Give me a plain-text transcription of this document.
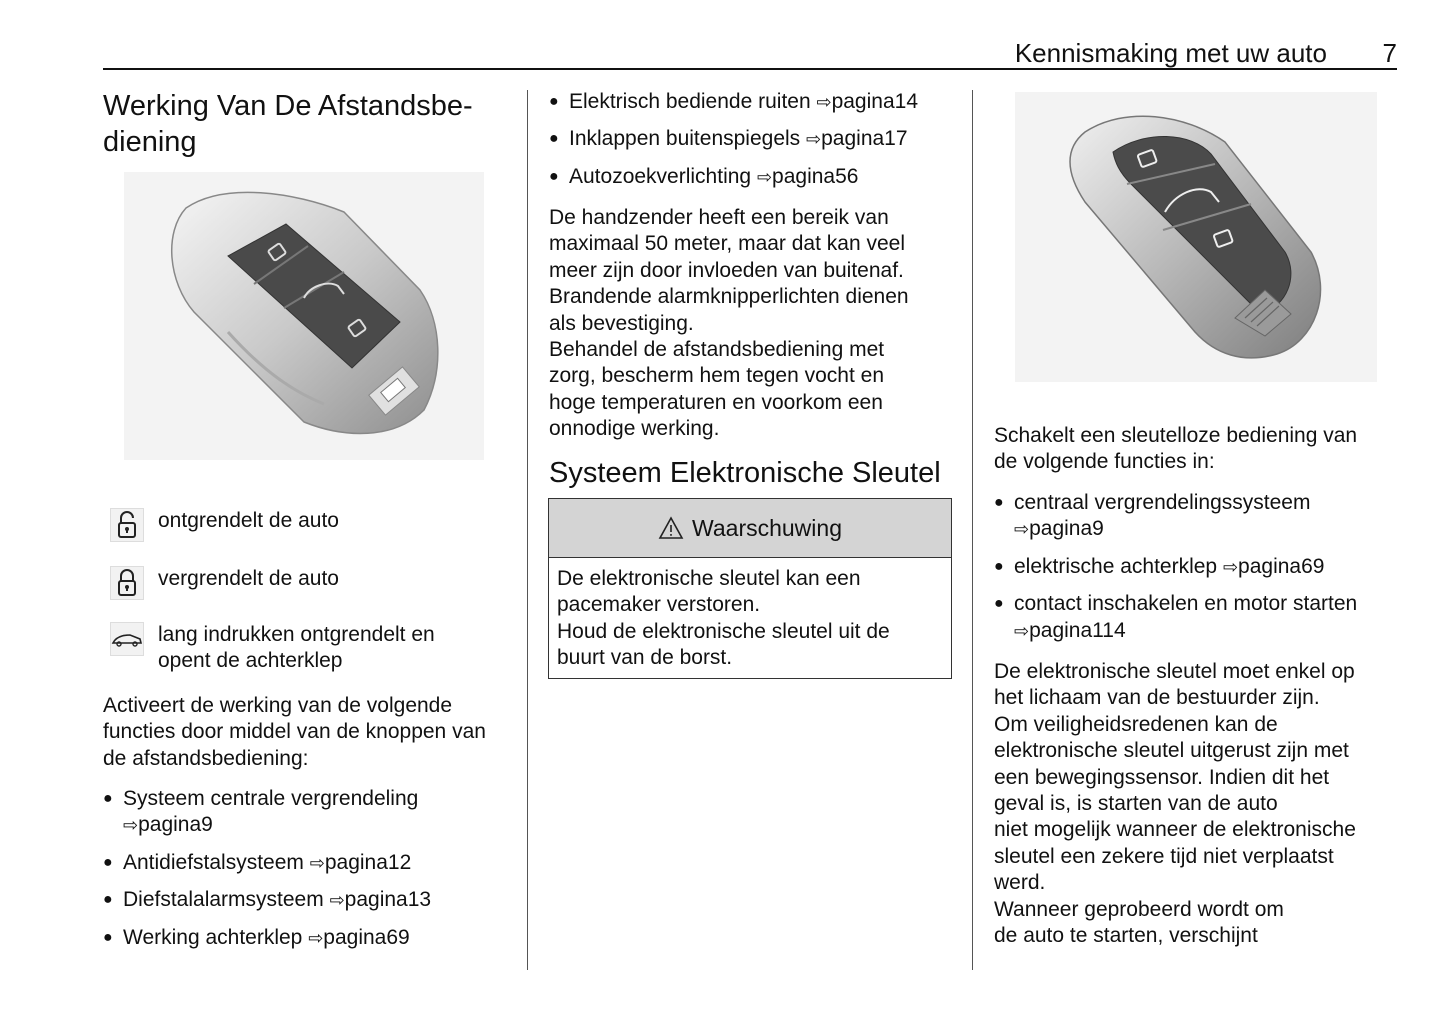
Kennismaking met uw auto 7
Werking Van De Afstandsbe-
diening
ontgrendelt de auto
vergrendelt de auto
lang indrukken ontgrendelt en
opent de achterklep
Activeert de werking van de volgende
functies door middel van de knoppen van
de afstandsbediening:
● Systeem centrale vergrendeling
⇨pagina9
● Antidiefstalsysteem ⇨pagina12
● Diefstalalarmsysteem ⇨pagina13
● Werking achterklep ⇨pagina69
● Elektrisch bediende ruiten ⇨pagina14
● Inklappen buitenspiegels ⇨pagina17
● Autozoekverlichting ⇨pagina56
De handzender heeft een bereik van
maximaal 50 meter, maar dat kan veel
meer zijn door invloeden van buitenaf.
Brandende alarmknipperlichten dienen
als bevestiging.
Behandel de afstandsbediening met
zorg, bescherm hem tegen vocht en
hoge temperaturen en voorkom een
onnodige werking.
Systeem Elektronische Sleutel
Waarschuwing
De elektronische sleutel kan een
pacemaker verstoren.
Houd de elektronische sleutel uit de
buurt van de borst.
Schakelt een sleutelloze bediening van
de volgende functies in:
● centraal vergrendelingssysteem
⇨pagina9
● elektrische achterklep ⇨pagina69
● contact inschakelen en motor starten
⇨pagina114
De elektronische sleutel moet enkel op
het lichaam van de bestuurder zijn.
Om veiligheidsredenen kan de
elektronische sleutel uitgerust zijn met
een bewegingssensor. Indien dit het
geval is, is starten van de auto
niet mogelijk wanneer de elektronische
sleutel een zekere tijd niet verplaatst
werd.
Wanneer geprobeerd wordt om
de auto te starten, verschijnt
